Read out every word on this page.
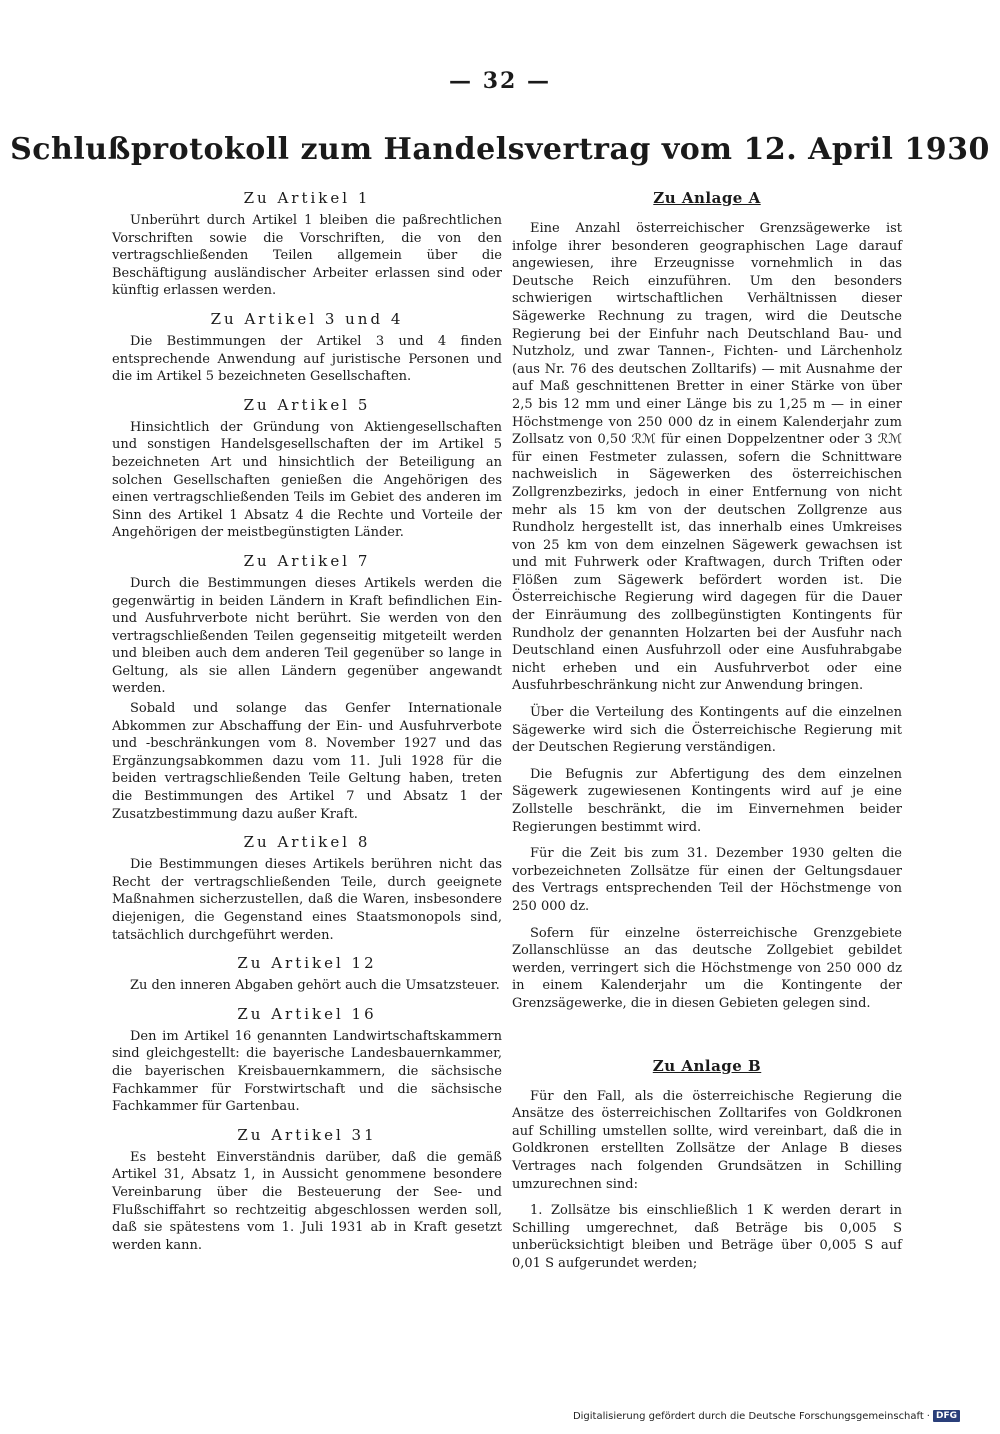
— 32 —
Schlußprotokoll zum Handelsvertrag vom 12. April 1930
Zu Artikel 1

Unberührt durch Artikel 1 bleiben die paßrechtlichen Vorschriften sowie die Vorschriften, die von den vertragschließenden Teilen allgemein über die Beschäftigung ausländischer Arbeiter erlassen sind oder künftig erlassen werden.

Zu Artikel 3 und 4

Die Bestimmungen der Artikel 3 und 4 finden entsprechende Anwendung auf juristische Personen und die im Artikel 5 bezeichneten Gesellschaften.

Zu Artikel 5

Hinsichtlich der Gründung von Aktiengesellschaften und sonstigen Handelsgesellschaften der im Artikel 5 bezeichneten Art und hinsichtlich der Beteiligung an solchen Gesellschaften genießen die Angehörigen des einen vertragschließenden Teils im Gebiet des anderen im Sinn des Artikel 1 Absatz 4 die Rechte und Vorteile der Angehörigen der meistbegünstigten Länder.

Zu Artikel 7

Durch die Bestimmungen dieses Artikels werden die gegenwärtig in beiden Ländern in Kraft befindlichen Ein- und Ausfuhrverbote nicht berührt. Sie werden von den vertragschließenden Teilen gegenseitig mitgeteilt werden und bleiben auch dem anderen Teil gegenüber so lange in Geltung, als sie allen Ländern gegenüber angewandt werden.

Sobald und solange das Genfer Internationale Abkommen zur Abschaffung der Ein- und Ausfuhrverbote und -beschränkungen vom 8. November 1927 und das Ergänzungsabkommen dazu vom 11. Juli 1928 für die beiden vertragschließenden Teile Geltung haben, treten die Bestimmungen des Artikel 7 und Absatz 1 der Zusatzbestimmung dazu außer Kraft.

Zu Artikel 8

Die Bestimmungen dieses Artikels berühren nicht das Recht der vertragschließenden Teile, durch geeignete Maßnahmen sicherzustellen, daß die Waren, insbesondere diejenigen, die Gegenstand eines Staatsmonopols sind, tatsächlich durchgeführt werden.

Zu Artikel 12

Zu den inneren Abgaben gehört auch die Umsatzsteuer.

Zu Artikel 16

Den im Artikel 16 genannten Landwirtschaftskammern sind gleichgestellt: die bayerische Landesbauernkammer, die bayerischen Kreisbauernkammern, die sächsische Fachkammer für Forstwirtschaft und die sächsische Fachkammer für Gartenbau.

Zu Artikel 31

Es besteht Einverständnis darüber, daß die gemäß Artikel 31, Absatz 1, in Aussicht genommene besondere Vereinbarung über die Besteuerung der See- und Flußschiffahrt so rechtzeitig abgeschlossen werden soll, daß sie spätestens vom 1. Juli 1931 ab in Kraft gesetzt werden kann.

Zu Anlage A

Eine Anzahl österreichischer Grenzsägewerke ist infolge ihrer besonderen geographischen Lage darauf angewiesen, ihre Erzeugnisse vornehmlich in das Deutsche Reich einzuführen. Um den besonders schwierigen wirtschaftlichen Verhältnissen dieser Sägewerke Rechnung zu tragen, wird die Deutsche Regierung bei der Einfuhr nach Deutschland Bau- und Nutzholz, und zwar Tannen-, Fichten- und Lärchenholz (aus Nr. 76 des deutschen Zolltarifs) — mit Ausnahme der auf Maß geschnittenen Bretter in einer Stärke von über 2,5 bis 12 mm und einer Länge bis zu 1,25 m — in einer Höchstmenge von 250 000 dz in einem Kalenderjahr zum Zollsatz von 0,50 ℛℳ für einen Doppelzentner oder 3 ℛℳ für einen Festmeter zulassen, sofern die Schnittware nachweislich in Sägewerken des österreichischen Zollgrenzbezirks, jedoch in einer Entfernung von nicht mehr als 15 km von der deutschen Zollgrenze aus Rundholz hergestellt ist, das innerhalb eines Umkreises von 25 km von dem einzelnen Sägewerk gewachsen ist und mit Fuhrwerk oder Kraftwagen, durch Triften oder Flößen zum Sägewerk befördert worden ist. Die Österreichische Regierung wird dagegen für die Dauer der Einräumung des zollbegünstigten Kontingents für Rundholz der genannten Holzarten bei der Ausfuhr nach Deutschland einen Ausfuhrzoll oder eine Ausfuhrabgabe nicht erheben und ein Ausfuhrverbot oder eine Ausfuhrbeschränkung nicht zur Anwendung bringen.

Über die Verteilung des Kontingents auf die einzelnen Sägewerke wird sich die Österreichische Regierung mit der Deutschen Regierung verständigen.

Die Befugnis zur Abfertigung des dem einzelnen Sägewerk zugewiesenen Kontingents wird auf je eine Zollstelle beschränkt, die im Einvernehmen beider Regierungen bestimmt wird.

Für die Zeit bis zum 31. Dezember 1930 gelten die vorbezeichneten Zollsätze für einen der Geltungsdauer des Vertrags entsprechenden Teil der Höchstmenge von 250 000 dz.

Sofern für einzelne österreichische Grenzgebiete Zollanschlüsse an das deutsche Zollgebiet gebildet werden, verringert sich die Höchstmenge von 250 000 dz in einem Kalenderjahr um die Kontingente der Grenzsägewerke, die in diesen Gebieten gelegen sind.

Zu Anlage B

Für den Fall, als die österreichische Regierung die Ansätze des österreichischen Zolltarifes von Goldkronen auf Schilling umstellen sollte, wird vereinbart, daß die in Goldkronen erstellten Zollsätze der Anlage B dieses Vertrages nach folgenden Grundsätzen in Schilling umzurechnen sind:

1. Zollsätze bis einschließlich 1 K werden derart in Schilling umgerechnet, daß Beträge bis 0,005 S unberücksichtigt bleiben und Beträge über 0,005 S auf 0,01 S aufgerundet werden;

Digitalisierung gefördert durch die Deutsche Forschungsgemeinschaft · DFG
